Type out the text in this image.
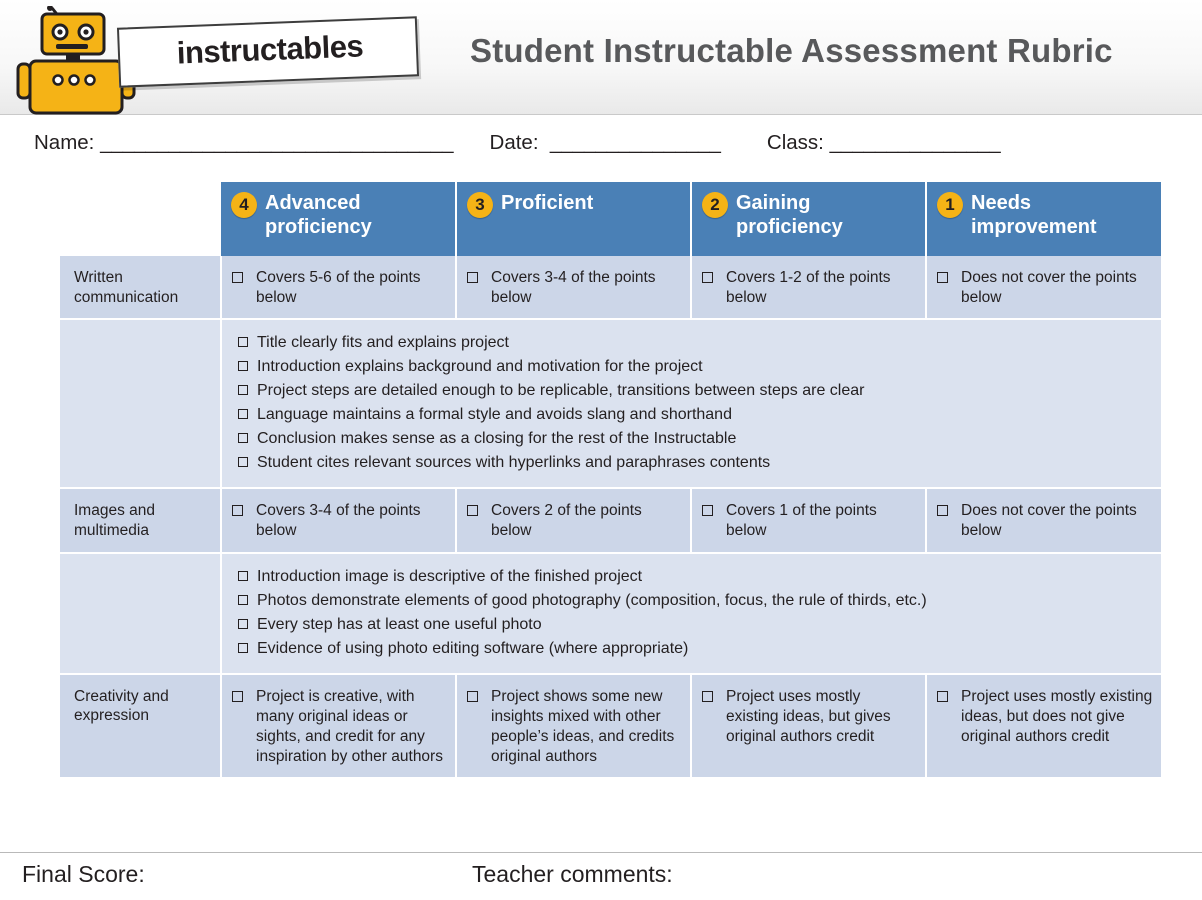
instructables	Student Instructable Assessment Rubric
Name: _______________________________ Date:  _______________ Class: _______________

	4 Advanced proficiency	3 Proficient	2 Gaining proficiency	1 Needs improvement

Written communication	Covers 5-6 of the points below	Covers 3-4 of the points below	Covers 1-2 of the points below	Does not cover the points below

Title clearly fits and explains project
Introduction explains background and motivation for the project
Project steps are detailed enough to be replicable, transitions between steps are clear
Language maintains a formal style and avoids slang and shorthand
Conclusion makes sense as a closing for the rest of the Instructable
Student cites relevant sources with hyperlinks and paraphrases contents

Images and multimedia	Covers 3-4 of the points below	Covers 2 of the points below	Covers 1 of the points below	Does not cover the points below

Introduction image is descriptive of the finished project
Photos demonstrate elements of good photography (composition, focus, the rule of thirds, etc.)
Every step has at least one useful photo
Evidence of using photo editing software (where appropriate)

Creativity and expression	Project is creative, with many original ideas or sights, and credit for any inspiration by other authors	Project shows some new insights mixed with other people’s ideas, and credits original authors	Project uses mostly existing ideas, but gives original authors credit	Project uses mostly existing ideas, but does not give original authors credit
Final Score:	Teacher comments:
